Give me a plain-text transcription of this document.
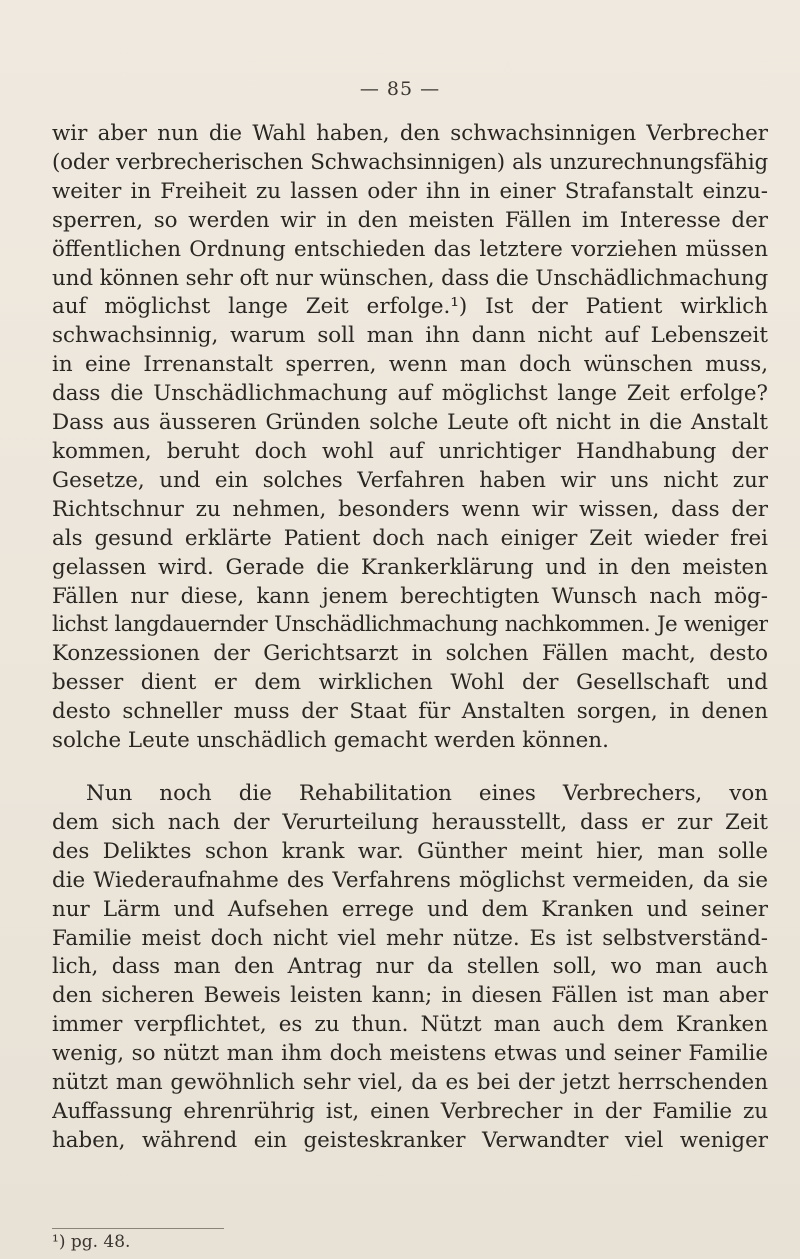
— 85 —
wir aber nun die Wahl haben, den schwachsinnigen Verbrecher
(oder verbrecherischen Schwachsinnigen) als unzurechnungsfähig
weiter in Freiheit zu lassen oder ihn in einer Strafanstalt einzu-
sperren, so werden wir in den meisten Fällen im Interesse der
öffentlichen Ordnung entschieden das letztere vorziehen müssen
und können sehr oft nur wünschen, dass die Unschädlichmachung
auf möglichst lange Zeit erfolge.¹) Ist der Patient wirklich
schwachsinnig, warum soll man ihn dann nicht auf Lebenszeit
in eine Irrenanstalt sperren, wenn man doch wünschen muss,
dass die Unschädlichmachung auf möglichst lange Zeit erfolge?
Dass aus äusseren Gründen solche Leute oft nicht in die Anstalt
kommen, beruht doch wohl auf unrichtiger Handhabung der
Gesetze, und ein solches Verfahren haben wir uns nicht zur
Richtschnur zu nehmen, besonders wenn wir wissen, dass der
als gesund erklärte Patient doch nach einiger Zeit wieder frei
gelassen wird. Gerade die Krankerklärung und in den meisten
Fällen nur diese, kann jenem berechtigten Wunsch nach mög-
lichst langdauernder Unschädlichmachung nachkommen. Je weniger
Konzessionen der Gerichtsarzt in solchen Fällen macht, desto
besser dient er dem wirklichen Wohl der Gesellschaft und
desto schneller muss der Staat für Anstalten sorgen, in denen
solche Leute unschädlich gemacht werden können.
Nun noch die Rehabilitation eines Verbrechers, von
dem sich nach der Verurteilung herausstellt, dass er zur Zeit
des Deliktes schon krank war. Günther meint hier, man solle
die Wiederaufnahme des Verfahrens möglichst vermeiden, da sie
nur Lärm und Aufsehen errege und dem Kranken und seiner
Familie meist doch nicht viel mehr nütze. Es ist selbstverständ-
lich, dass man den Antrag nur da stellen soll, wo man auch
den sicheren Beweis leisten kann; in diesen Fällen ist man aber
immer verpflichtet, es zu thun. Nützt man auch dem Kranken
wenig, so nützt man ihm doch meistens etwas und seiner Familie
nützt man gewöhnlich sehr viel, da es bei der jetzt herrschenden
Auffassung ehrenrührig ist, einen Verbrecher in der Familie zu
haben, während ein geisteskranker Verwandter viel weniger
¹) pg. 48.
